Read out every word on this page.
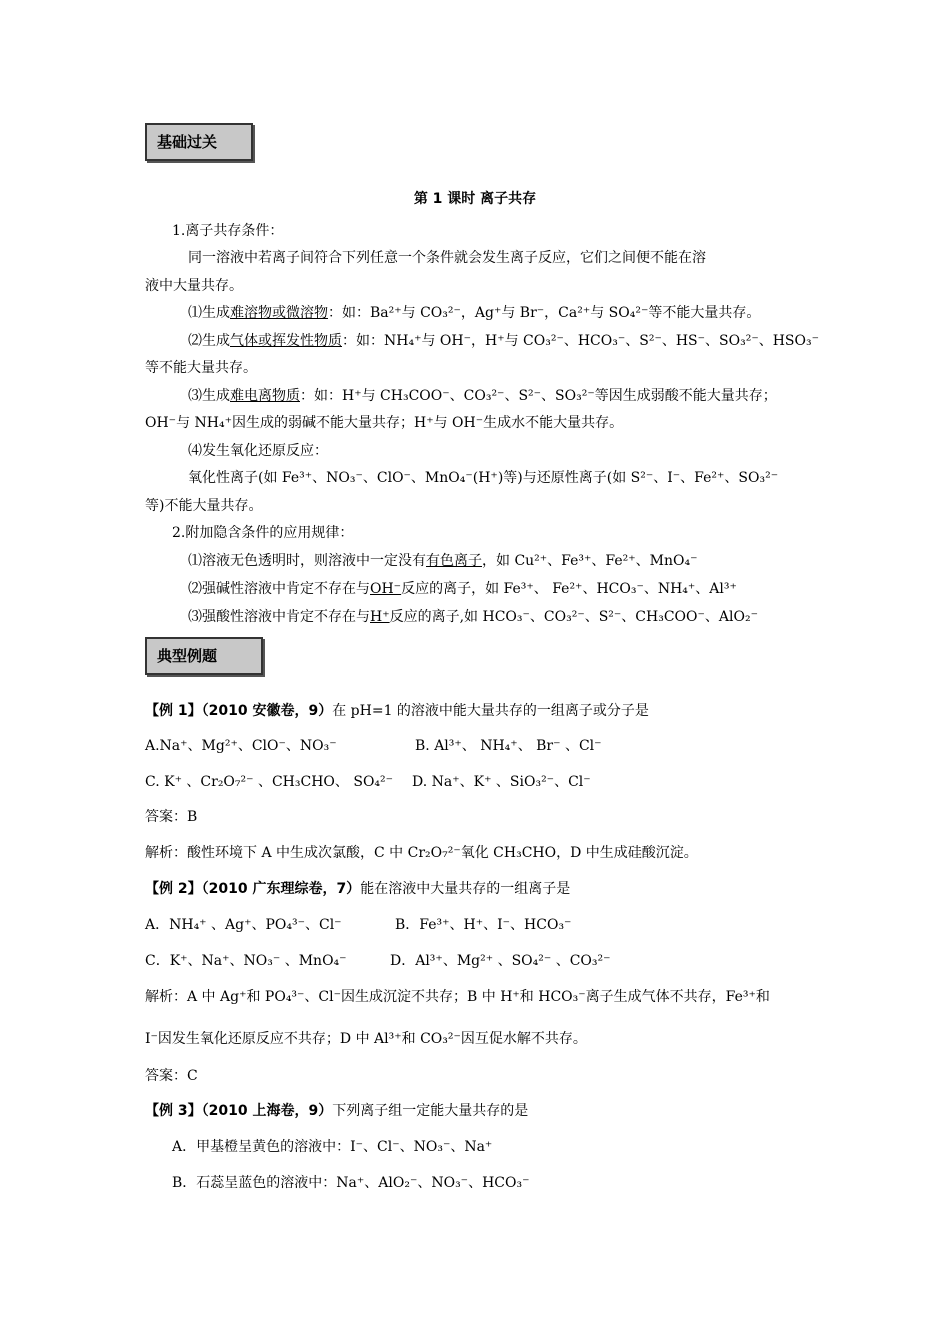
基础过关
第 1 课时 离子共存
1.离子共存条件：
同一溶液中若离子间符合下列任意一个条件就会发生离子反应，它们之间便不能在溶
液中大量共存。
⑴生成难溶物或微溶物：如：Ba²⁺与 CO₃²⁻，Ag⁺与 Br⁻，Ca²⁺与 SO₄²⁻等不能大量共存。
⑵生成气体或挥发性物质：如：NH₄⁺与 OH⁻，H⁺与 CO₃²⁻、HCO₃⁻、S²⁻、HS⁻、SO₃²⁻、HSO₃⁻
等不能大量共存。
⑶生成难电离物质：如：H⁺与 CH₃COO⁻、CO₃²⁻、S²⁻、SO₃²⁻等因生成弱酸不能大量共存；
OH⁻与 NH₄⁺因生成的弱碱不能大量共存；H⁺与 OH⁻生成水不能大量共存。
⑷发生氧化还原反应：
氧化性离子(如 Fe³⁺、NO₃⁻、ClO⁻、MnO₄⁻(H⁺)等)与还原性离子(如 S²⁻、I⁻、Fe²⁺、SO₃²⁻
等)不能大量共存。
2.附加隐含条件的应用规律：
⑴溶液无色透明时，则溶液中一定没有有色离子，如 Cu²⁺、Fe³⁺、Fe²⁺、MnO₄⁻
⑵强碱性溶液中肯定不存在与OH⁻反应的离子，如 Fe³⁺、 Fe²⁺、HCO₃⁻、NH₄⁺、Al³⁺
⑶强酸性溶液中肯定不存在与H⁺反应的离子,如 HCO₃⁻、CO₃²⁻、S²⁻、CH₃COO⁻、AlO₂⁻
典型例题
【例 1】（2010 安徽卷，9）在 pH=1 的溶液中能大量共存的一组离子或分子是
A.Na⁺、Mg²⁺、ClO⁻、NO₃⁻	B. Al³⁺、 NH₄⁺、 Br⁻ 、Cl⁻
C. K⁺ 、Cr₂O₇²⁻ 、CH₃CHO、 SO₄²⁻ D. Na⁺、K⁺ 、SiO₃²⁻、Cl⁻
答案：B
解析：酸性环境下 A 中生成次氯酸，C 中 Cr₂O₇²⁻氧化 CH₃CHO，D 中生成硅酸沉淀。
【例 2】（2010 广东理综卷，7）能在溶液中大量共存的一组离子是
A．NH₄⁺ 、Ag⁺、PO₄³⁻、Cl⁻	B．Fe³⁺、H⁺、I⁻、HCO₃⁻
C．K⁺、Na⁺、NO₃⁻ 、MnO₄⁻	D．Al³⁺、Mg²⁺ 、SO₄²⁻ 、CO₃²⁻
解析：A 中 Ag⁺和 PO₄³⁻、Cl⁻因生成沉淀不共存；B 中 H⁺和 HCO₃⁻离子生成气体不共存，Fe³⁺和
I⁻因发生氧化还原反应不共存；D 中 Al³⁺和 CO₃²⁻因互促水解不共存。
答案：C
【例 3】（2010 上海卷，9）下列离子组一定能大量共存的是
A．甲基橙呈黄色的溶液中：I⁻、Cl⁻、NO₃⁻、Na⁺
B．石蕊呈蓝色的溶液中：Na⁺、AlO₂⁻、NO₃⁻、HCO₃⁻
